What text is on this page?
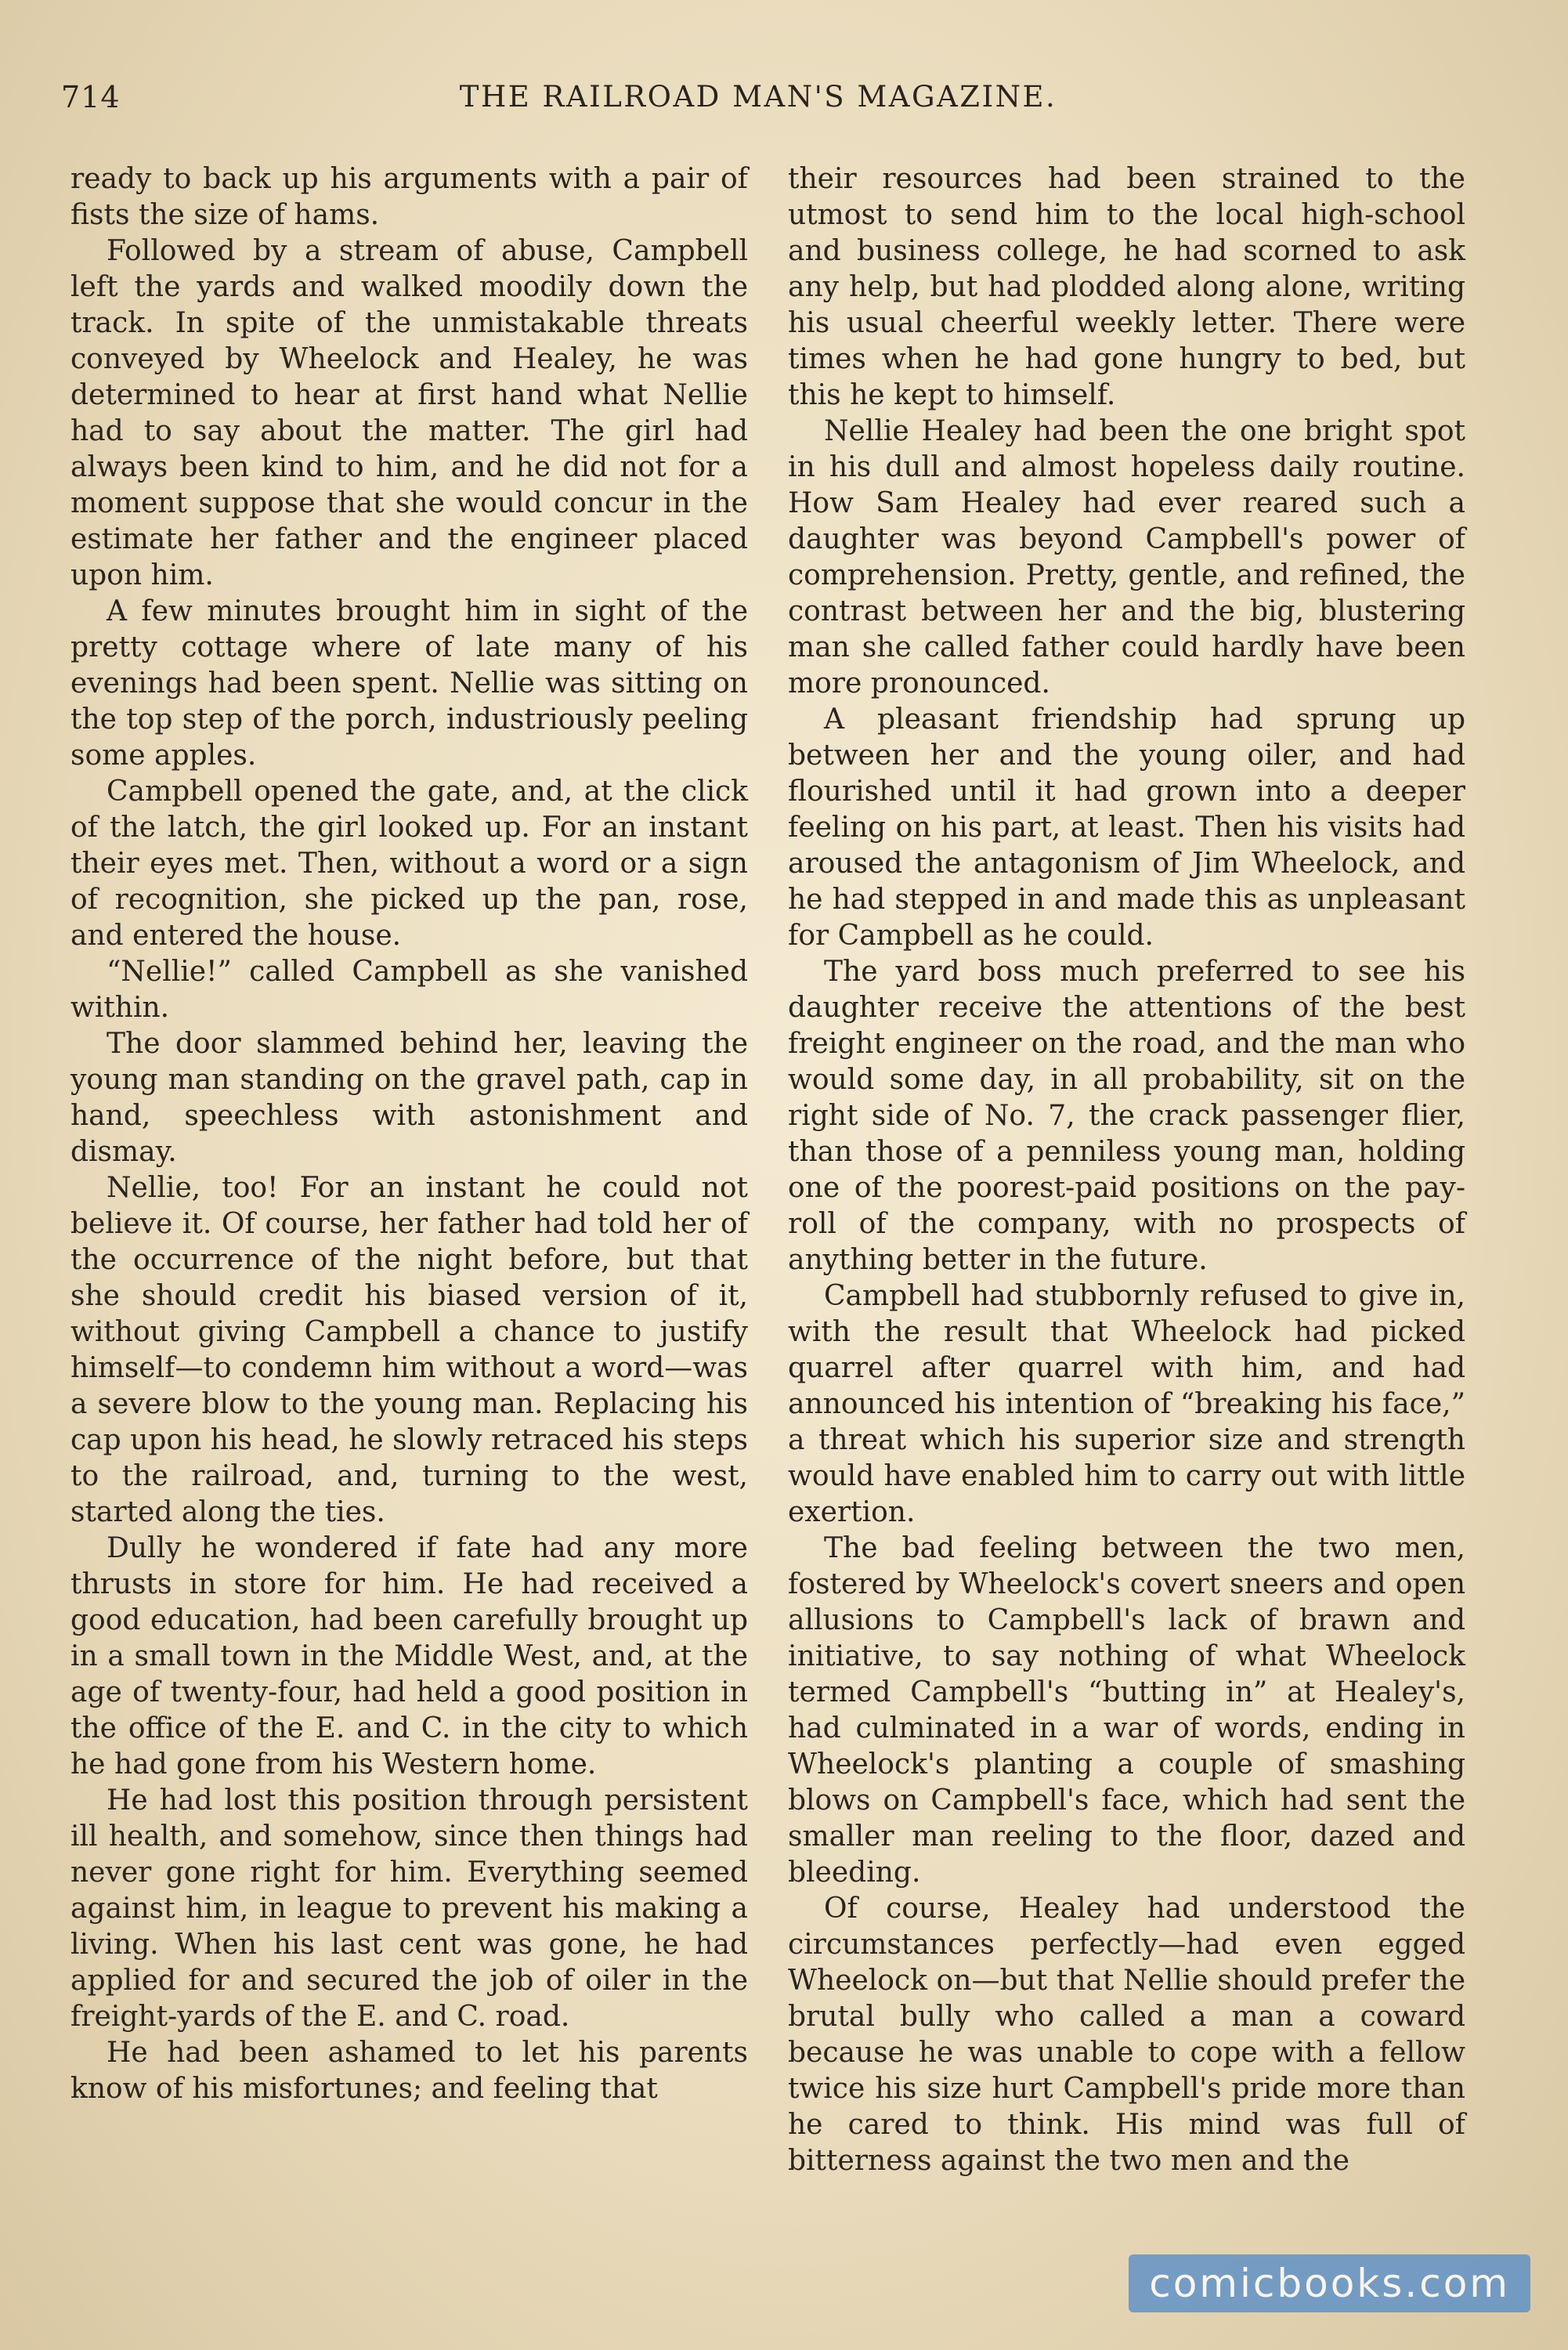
714	THE RAILROAD MAN'S MAGAZINE.

ready to back up his arguments with a pair of fists the size of hams.

Followed by a stream of abuse, Campbell left the yards and walked moodily down the track. In spite of the unmistakable threats conveyed by Wheelock and Healey, he was determined to hear at first hand what Nellie had to say about the matter. The girl had always been kind to him, and he did not for a moment suppose that she would concur in the estimate her father and the engineer placed upon him.

A few minutes brought him in sight of the pretty cottage where of late many of his evenings had been spent. Nellie was sitting on the top step of the porch, industriously peeling some apples.

Campbell opened the gate, and, at the click of the latch, the girl looked up. For an instant their eyes met. Then, without a word or a sign of recognition, she picked up the pan, rose, and entered the house.

“Nellie!” called Campbell as she vanished within.

The door slammed behind her, leaving the young man standing on the gravel path, cap in hand, speechless with astonishment and dismay.

Nellie, too! For an instant he could not believe it. Of course, her father had told her of the occurrence of the night before, but that she should credit his biased version of it, without giving Campbell a chance to justify himself—to condemn him without a word—was a severe blow to the young man. Replacing his cap upon his head, he slowly retraced his steps to the railroad, and, turning to the west, started along the ties.

Dully he wondered if fate had any more thrusts in store for him. He had received a good education, had been carefully brought up in a small town in the Middle West, and, at the age of twenty-four, had held a good position in the office of the E. and C. in the city to which he had gone from his Western home.

He had lost this position through persistent ill health, and somehow, since then things had never gone right for him. Everything seemed against him, in league to prevent his making a living. When his last cent was gone, he had applied for and secured the job of oiler in the freight-yards of the E. and C. road.

He had been ashamed to let his parents know of his misfortunes; and feeling that

their resources had been strained to the utmost to send him to the local high-school and business college, he had scorned to ask any help, but had plodded along alone, writing his usual cheerful weekly letter. There were times when he had gone hungry to bed, but this he kept to himself.

Nellie Healey had been the one bright spot in his dull and almost hopeless daily routine. How Sam Healey had ever reared such a daughter was beyond Campbell's power of comprehension. Pretty, gentle, and refined, the contrast between her and the big, blustering man she called father could hardly have been more pronounced.

A pleasant friendship had sprung up between her and the young oiler, and had flourished until it had grown into a deeper feeling on his part, at least. Then his visits had aroused the antagonism of Jim Wheelock, and he had stepped in and made this as unpleasant for Campbell as he could.

The yard boss much preferred to see his daughter receive the attentions of the best freight engineer on the road, and the man who would some day, in all probability, sit on the right side of No. 7, the crack passenger flier, than those of a penniless young man, holding one of the poorest-paid positions on the pay-roll of the company, with no prospects of anything better in the future.

Campbell had stubbornly refused to give in, with the result that Wheelock had picked quarrel after quarrel with him, and had announced his intention of “breaking his face,” a threat which his superior size and strength would have enabled him to carry out with little exertion.

The bad feeling between the two men, fostered by Wheelock's covert sneers and open allusions to Campbell's lack of brawn and initiative, to say nothing of what Wheelock termed Campbell's “butting in” at Healey's, had culminated in a war of words, ending in Wheelock's planting a couple of smashing blows on Campbell's face, which had sent the smaller man reeling to the floor, dazed and bleeding.

Of course, Healey had understood the circumstances perfectly—had even egged Wheelock on—but that Nellie should prefer the brutal bully who called a man a coward because he was unable to cope with a fellow twice his size hurt Campbell's pride more than he cared to think. His mind was full of bitterness against the two men and the

comicbooks.com
